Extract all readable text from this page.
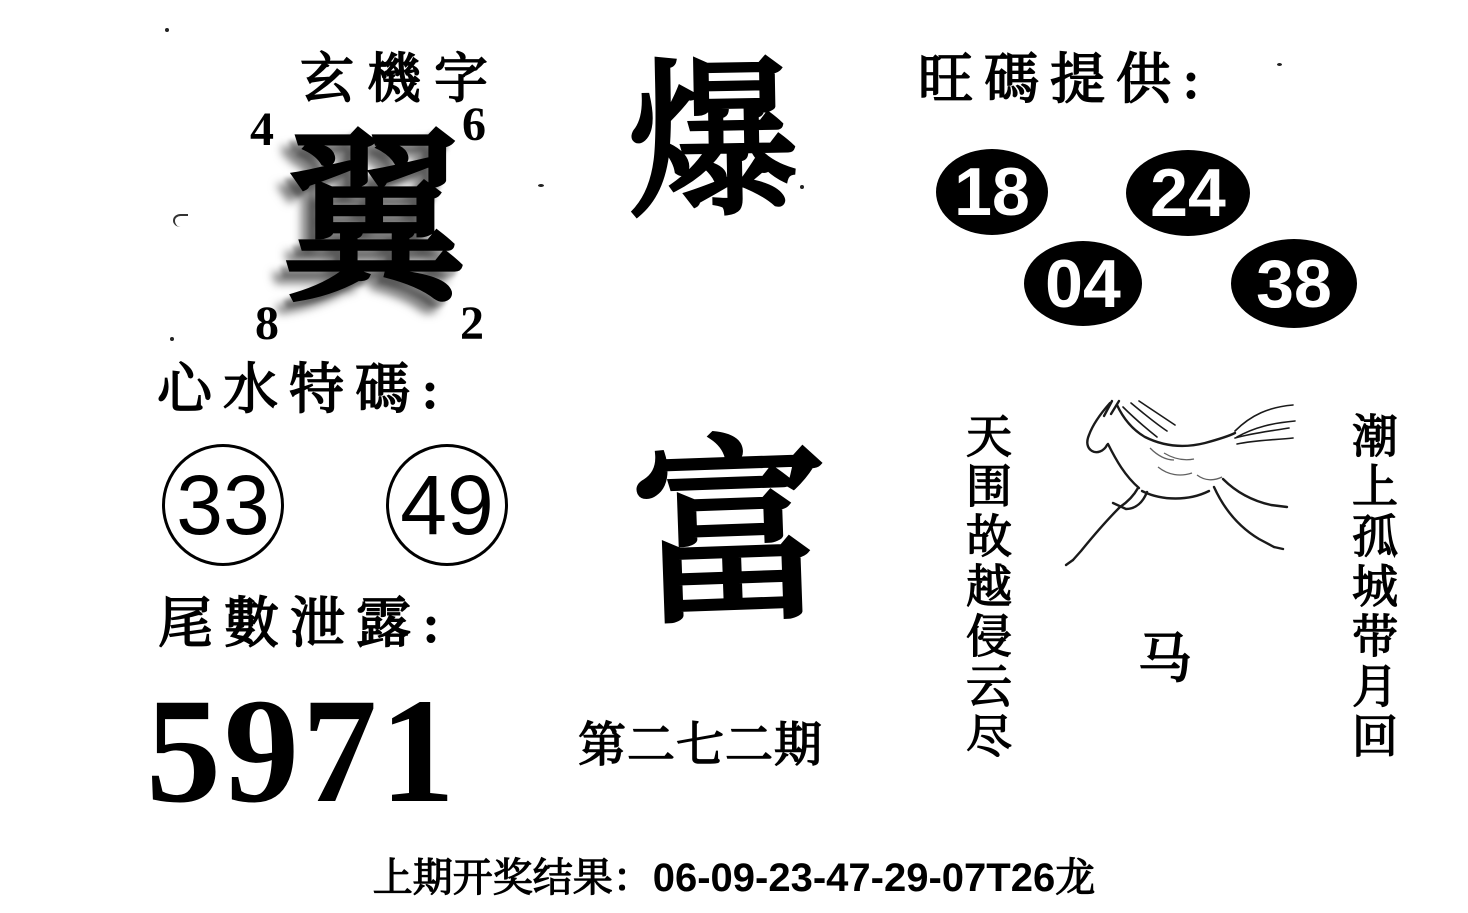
玄機字
4	6
翼
8	2
爆
富
第二七二期
旺碼提供:
18	24
04	38
心水特碼:
33 49
尾數泄露:
5971	天围故越侵云尽	潮上孤城带月回
马
上期开奖结果：06-09-23-47-29-07T26龙
